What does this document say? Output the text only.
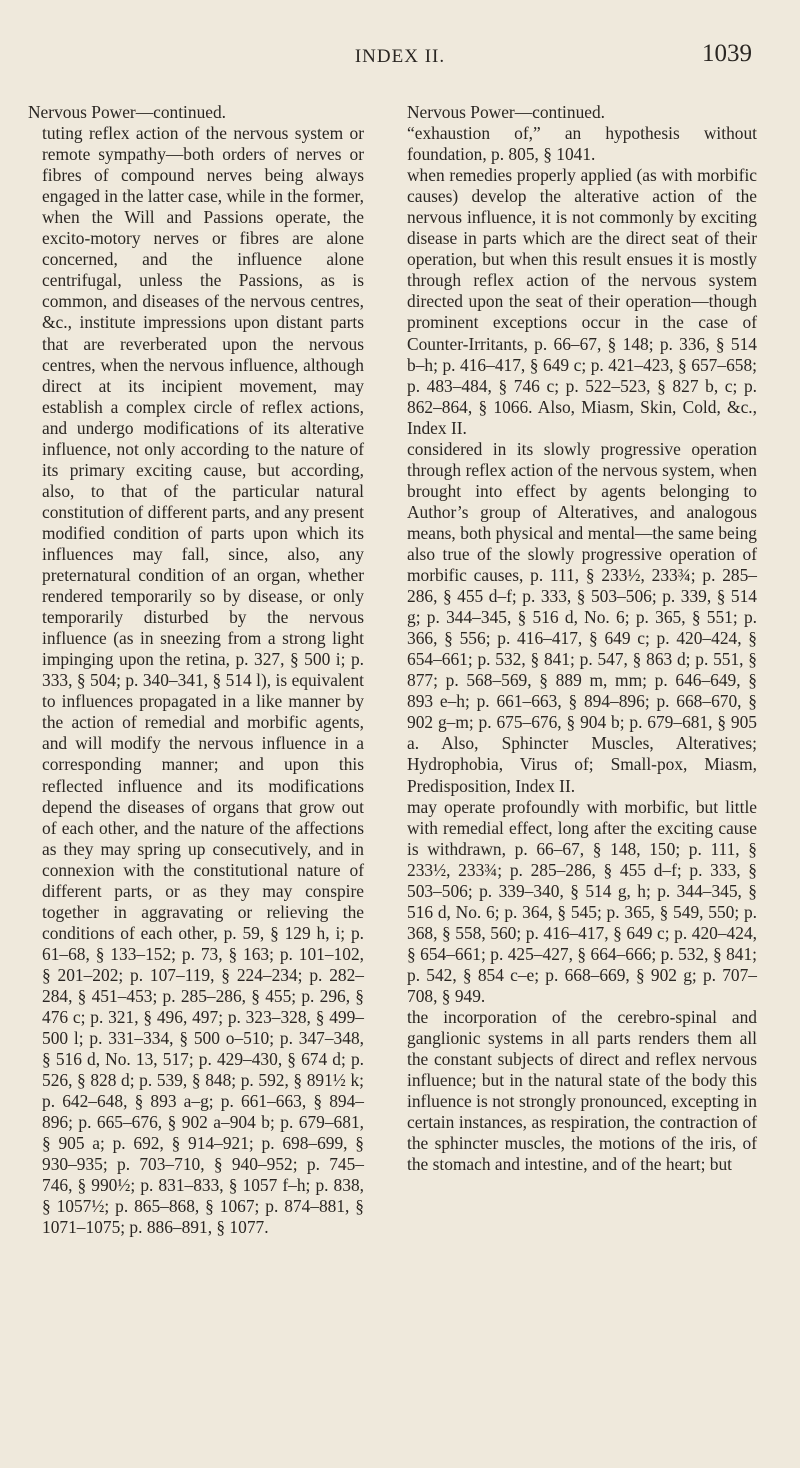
INDEX II.	1039

Nervous Power—continued.

tuting reflex action of the nervous system or remote sympathy—both orders of nerves or fibres of compound nerves being always engaged in the latter case, while in the former, when the Will and Passions operate, the excito-motory nerves or fibres are alone concerned, and the influence alone centrifugal, unless the Passions, as is common, and diseases of the nervous centres, &c., institute impressions upon distant parts that are reverberated upon the nervous centres, when the nervous influence, although direct at its incipient movement, may establish a complex circle of reflex actions, and undergo modifications of its alterative influence, not only according to the nature of its primary exciting cause, but according, also, to that of the particular natural constitution of different parts, and any present modified condition of parts upon which its influences may fall, since, also, any preternatural condition of an organ, whether rendered temporarily so by disease, or only temporarily disturbed by the nervous influence (as in sneezing from a strong light impinging upon the retina, p. 327, § 500 i; p. 333, § 504; p. 340–341, § 514 l), is equivalent to influences propagated in a like manner by the action of remedial and morbific agents, and will modify the nervous influence in a corresponding manner; and upon this reflected influence and its modifications depend the diseases of organs that grow out of each other, and the nature of the affections as they may spring up consecutively, and in connexion with the constitutional nature of different parts, or as they may conspire together in aggravating or relieving the conditions of each other, p. 59, § 129 h, i; p. 61–68, § 133–152; p. 73, § 163; p. 101–102, § 201–202; p. 107–119, § 224–234; p. 282–284, § 451–453; p. 285–286, § 455; p. 296, § 476 c; p. 321, § 496, 497; p. 323–328, § 499–500 l; p. 331–334, § 500 o–510; p. 347–348, § 516 d, No. 13, 517; p. 429–430, § 674 d; p. 526, § 828 d; p. 539, § 848; p. 592, § 891½ k; p. 642–648, § 893 a–g; p. 661–663, § 894–896; p. 665–676, § 902 a–904 b; p. 679–681, § 905 a; p. 692, § 914–921; p. 698–699, § 930–935; p. 703–710, § 940–952; p. 745–746, § 990½; p. 831–833, § 1057 f–h; p. 838, § 1057½; p. 865–868, § 1067; p. 874–881, § 1071–1075; p. 886–891, § 1077.

Nervous Power—continued.

“exhaustion of,” an hypothesis without foundation, p. 805, § 1041.

when remedies properly applied (as with morbific causes) develop the alterative action of the nervous influence, it is not commonly by exciting disease in parts which are the direct seat of their operation, but when this result ensues it is mostly through reflex action of the nervous system directed upon the seat of their operation—though prominent exceptions occur in the case of Counter-Irritants, p. 66–67, § 148; p. 336, § 514 b–h; p. 416–417, § 649 c; p. 421–423, § 657–658; p. 483–484, § 746 c; p. 522–523, § 827 b, c; p. 862–864, § 1066. Also, Miasm, Skin, Cold, &c., Index II.

considered in its slowly progressive operation through reflex action of the nervous system, when brought into effect by agents belonging to Author’s group of Alteratives, and analogous means, both physical and mental—the same being also true of the slowly progressive operation of morbific causes, p. 111, § 233½, 233¾; p. 285–286, § 455 d–f; p. 333, § 503–506; p. 339, § 514 g; p. 344–345, § 516 d, No. 6; p. 365, § 551; p. 366, § 556; p. 416–417, § 649 c; p. 420–424, § 654–661; p. 532, § 841; p. 547, § 863 d; p. 551, § 877; p. 568–569, § 889 m, mm; p. 646–649, § 893 e–h; p. 661–663, § 894–896; p. 668–670, § 902 g–m; p. 675–676, § 904 b; p. 679–681, § 905 a. Also, Sphincter Muscles, Alteratives; Hydrophobia, Virus of; Small-pox, Miasm, Predisposition, Index II.

may operate profoundly with morbific, but little with remedial effect, long after the exciting cause is withdrawn, p. 66–67, § 148, 150; p. 111, § 233½, 233¾; p. 285–286, § 455 d–f; p. 333, § 503–506; p. 339–340, § 514 g, h; p. 344–345, § 516 d, No. 6; p. 364, § 545; p. 365, § 549, 550; p. 368, § 558, 560; p. 416–417, § 649 c; p. 420–424, § 654–661; p. 425–427, § 664–666; p. 532, § 841; p. 542, § 854 c–e; p. 668–669, § 902 g; p. 707–708, § 949.

the incorporation of the cerebro-spinal and ganglionic systems in all parts renders them all the constant subjects of direct and reflex nervous influence; but in the natural state of the body this influence is not strongly pronounced, excepting in certain instances, as respiration, the contraction of the sphincter muscles, the motions of the iris, of the stomach and intestine, and of the heart; but
